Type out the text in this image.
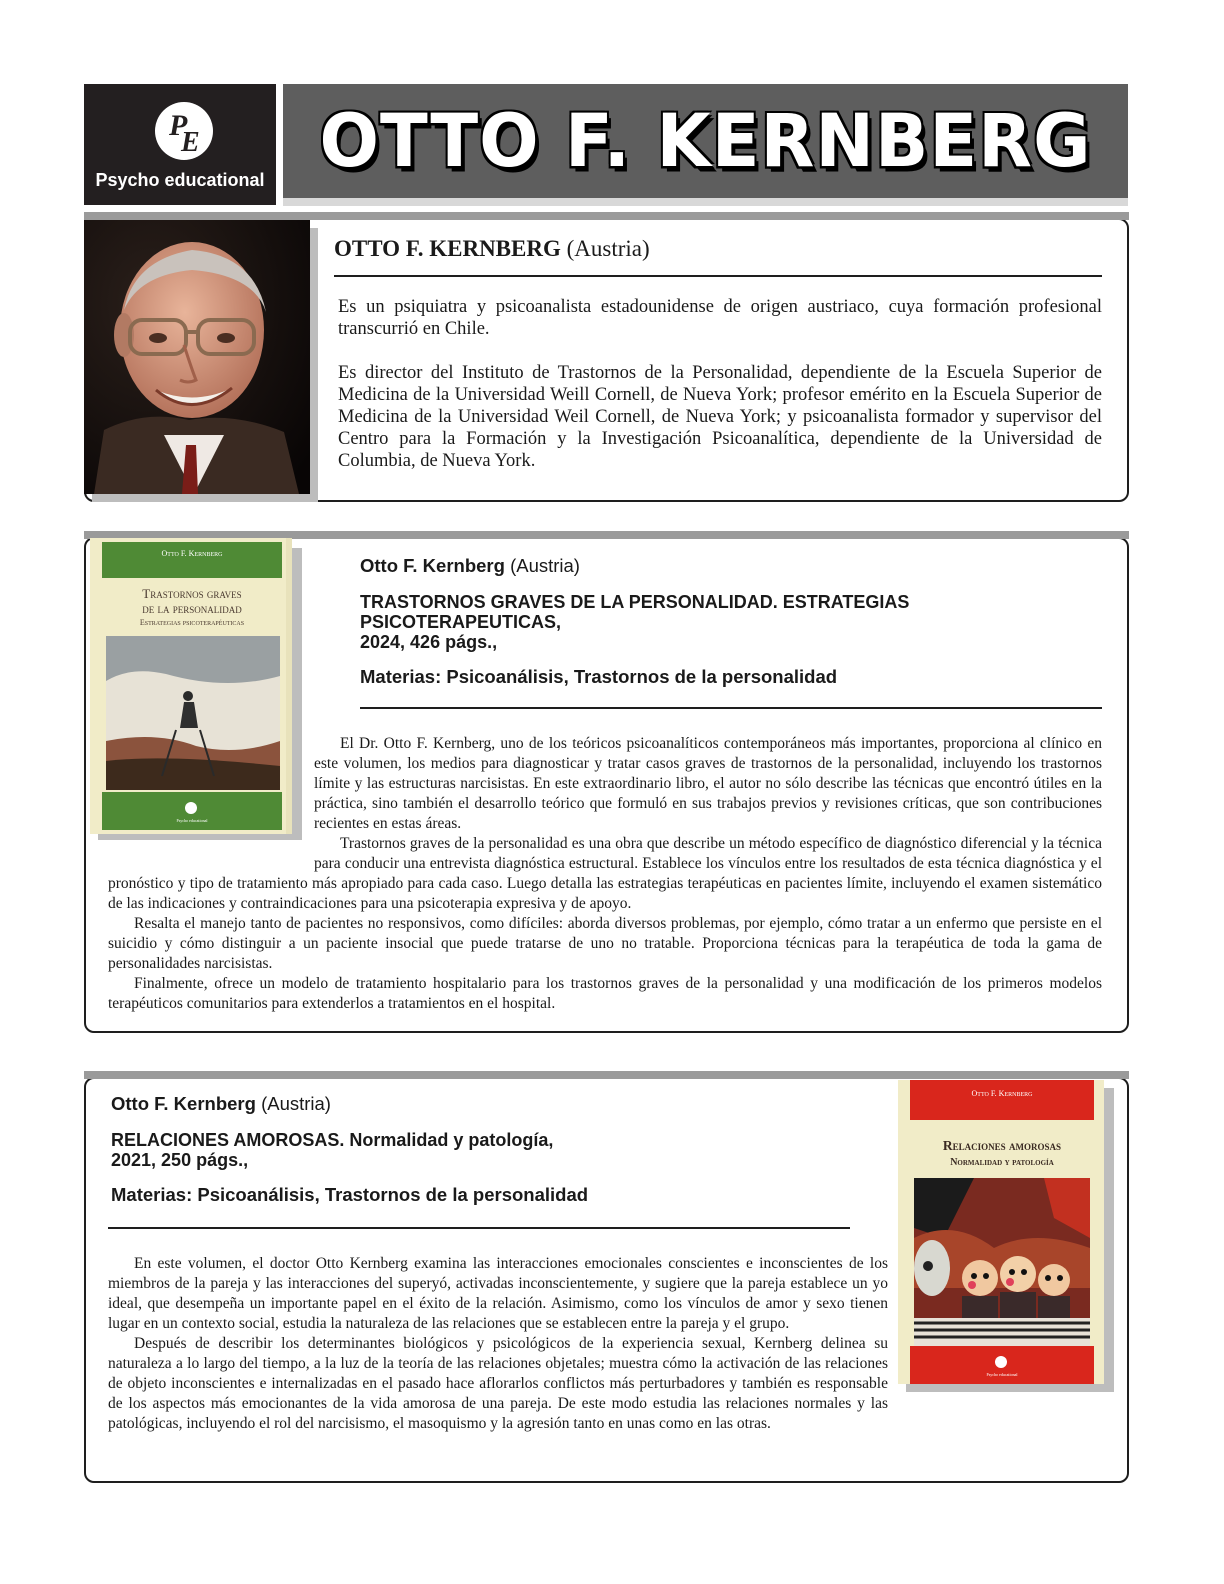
P
E
Psycho educational OTTO F. KERNBERG
OTTO F. KERNBERG (Austria)

Es un psiquiatra y psicoanalista estadounidense de origen austriaco, cuya formación profesional transcurrió en Chile.

Es director del Instituto de Trastornos de la Personalidad, dependiente de la Escuela Superior de Medicina de la Universidad Weill Cornell, de Nueva York; profesor emérito en la Escuela Superior de Medicina de la Universidad Weil Cornell, de Nueva York; y psicoanalista formador y supervisor del Centro para la Formación y la Investigación Psicoanalítica, dependiente de la Universidad de Columbia, de Nueva York.

Otto F. Kernberg
Trastornos graves
de la personalidad
Estrategias psicoterapéuticas
Psycho educational
Otto F. Kernberg (Austria)
TRASTORNOS GRAVES DE LA PERSONALIDAD. ESTRATEGIAS PSICOTERAPEUTICAS,
2024, 426 págs.,
Materias: Psicoanálisis, Trastornos de la personalidad

El Dr. Otto F. Kernberg, uno de los teóricos psicoanalíticos contemporáneos más importantes, proporciona al clínico en este volumen, los medios para diagnosticar y tratar casos graves de trastornos de la personalidad, incluyendo los trastornos límite y las estructuras narcisistas. En este extraordinario libro, el autor no sólo describe las técnicas que encontró útiles en la práctica, sino también el desarrollo teórico que formuló en sus trabajos previos y revisiones críticas, que son contribuciones recientes en estas áreas.

Trastornos graves de la personalidad es una obra que describe un método específico de diagnóstico diferencial y la técnica para conducir una entrevista diagnóstica estructural. Establece los vínculos entre los resultados de esta técnica diagnóstica y el pronóstico y tipo de tratamiento más apropiado para cada caso. Luego detalla las estrategias terapéuticas en pacientes límite, incluyendo el examen sistemático de las indicaciones y contraindicaciones para una psicoterapia expresiva y de apoyo.

Resalta el manejo tanto de pacientes no responsivos, como difíciles: aborda diversos problemas, por ejemplo, cómo tratar a un enfermo que persiste en el suicidio y cómo distinguir a un paciente insocial que puede tratarse de uno no tratable. Proporciona técnicas para la terapéutica de toda la gama de personalidades narcisistas.

Finalmente, ofrece un modelo de tratamiento hospitalario para los trastornos graves de la personalidad y una modificación de los primeros modelos terapéuticos comunitarios para extenderlos a tratamientos en el hospital.

Otto F. Kernberg
Relaciones amorosas
Normalidad y patología
Psycho educational
Otto F. Kernberg (Austria)
RELACIONES AMOROSAS. Normalidad y patología,
2021, 250 págs.,
Materias: Psicoanálisis, Trastornos de la personalidad

En este volumen, el doctor Otto Kernberg examina las interacciones emocionales conscientes e inconscientes de los miembros de la pareja y las interacciones del superyó, activadas inconscientemente, y sugiere que la pareja establece un yo ideal, que desempeña un importante papel en el éxito de la relación. Asimismo, como los vínculos de amor y sexo tienen lugar en un contexto social, estudia la naturaleza de las relaciones que se establecen entre la pareja y el grupo.

Después de describir los determinantes biológicos y psicológicos de la experiencia sexual, Kernberg delinea su naturaleza a lo largo del tiempo, a la luz de la teoría de las relaciones objetales; muestra cómo la activación de las relaciones de objeto inconscientes e internalizadas en el pasado hace aflorarlos conflictos más perturbadores y también es responsable de los aspectos más emocionantes de la vida amorosa de una pareja. De este modo estudia las relaciones normales y las patológicas, incluyendo el rol del narcisismo, el masoquismo y la agresión tanto en unas como en las otras.
